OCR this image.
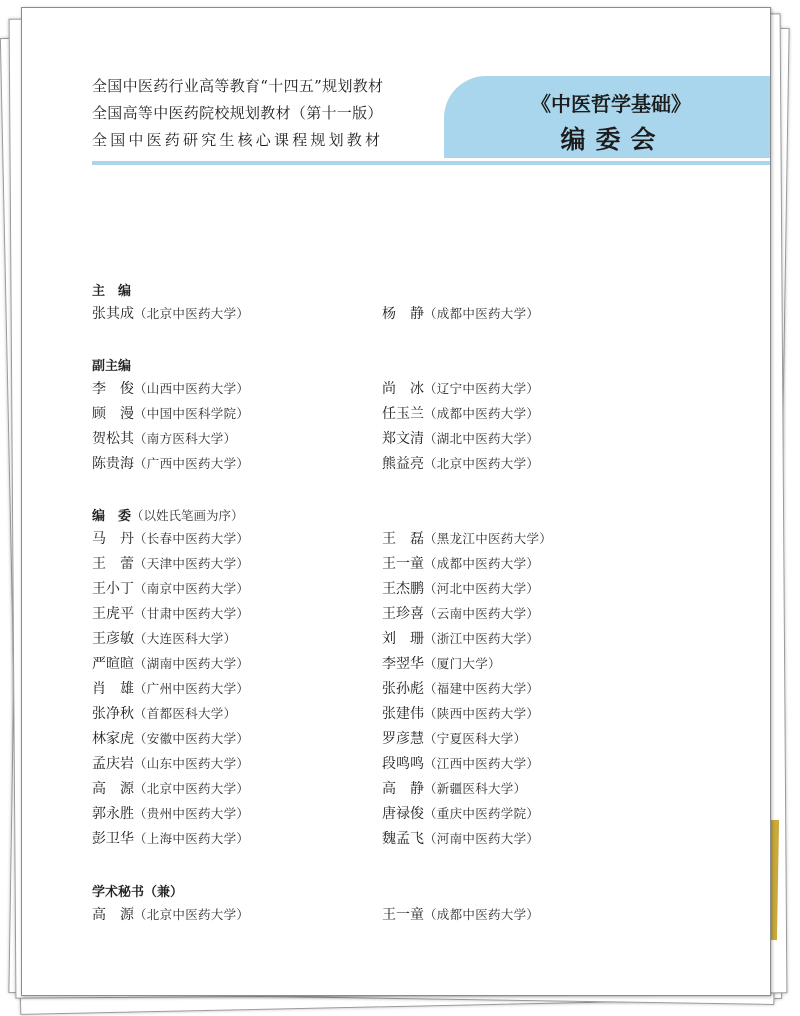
全国中医药行业高等教育“十四五”规划教材
全国高等中医药院校规划教材（第十一版）
全国中医药研究生核心课程规划教材
《中医哲学基础》
编委会
主　编
张其成（北京中医药大学）	杨　静（成都中医药大学）
副主编
李　俊（山西中医药大学）	尚　冰（辽宁中医药大学）
顾　漫（中国中医科学院）	任玉兰（成都中医药大学）
贺松其（南方医科大学）	郑文清（湖北中医药大学）
陈贵海（广西中医药大学）	熊益亮（北京中医药大学）
编　委（以姓氏笔画为序）
马　丹（长春中医药大学）	王　磊（黑龙江中医药大学）
王　蕾（天津中医药大学）	王一童（成都中医药大学）
王小丁（南京中医药大学）	王杰鹏（河北中医药大学）
王虎平（甘肃中医药大学）	王珍喜（云南中医药大学）
王彦敏（大连医科大学）	刘　珊（浙江中医药大学）
严暄暄（湖南中医药大学）	李翌华（厦门大学）
肖　雄（广州中医药大学）	张孙彪（福建中医药大学）
张净秋（首都医科大学）	张建伟（陕西中医药大学）
林家虎（安徽中医药大学）	罗彦慧（宁夏医科大学）
孟庆岩（山东中医药大学）	段鸣鸣（江西中医药大学）
高　源（北京中医药大学）	高　静（新疆医科大学）
郭永胜（贵州中医药大学）	唐禄俊（重庆中医药学院）
彭卫华（上海中医药大学）	魏孟飞（河南中医药大学）
学术秘书（兼）
高　源（北京中医药大学）	王一童（成都中医药大学）
